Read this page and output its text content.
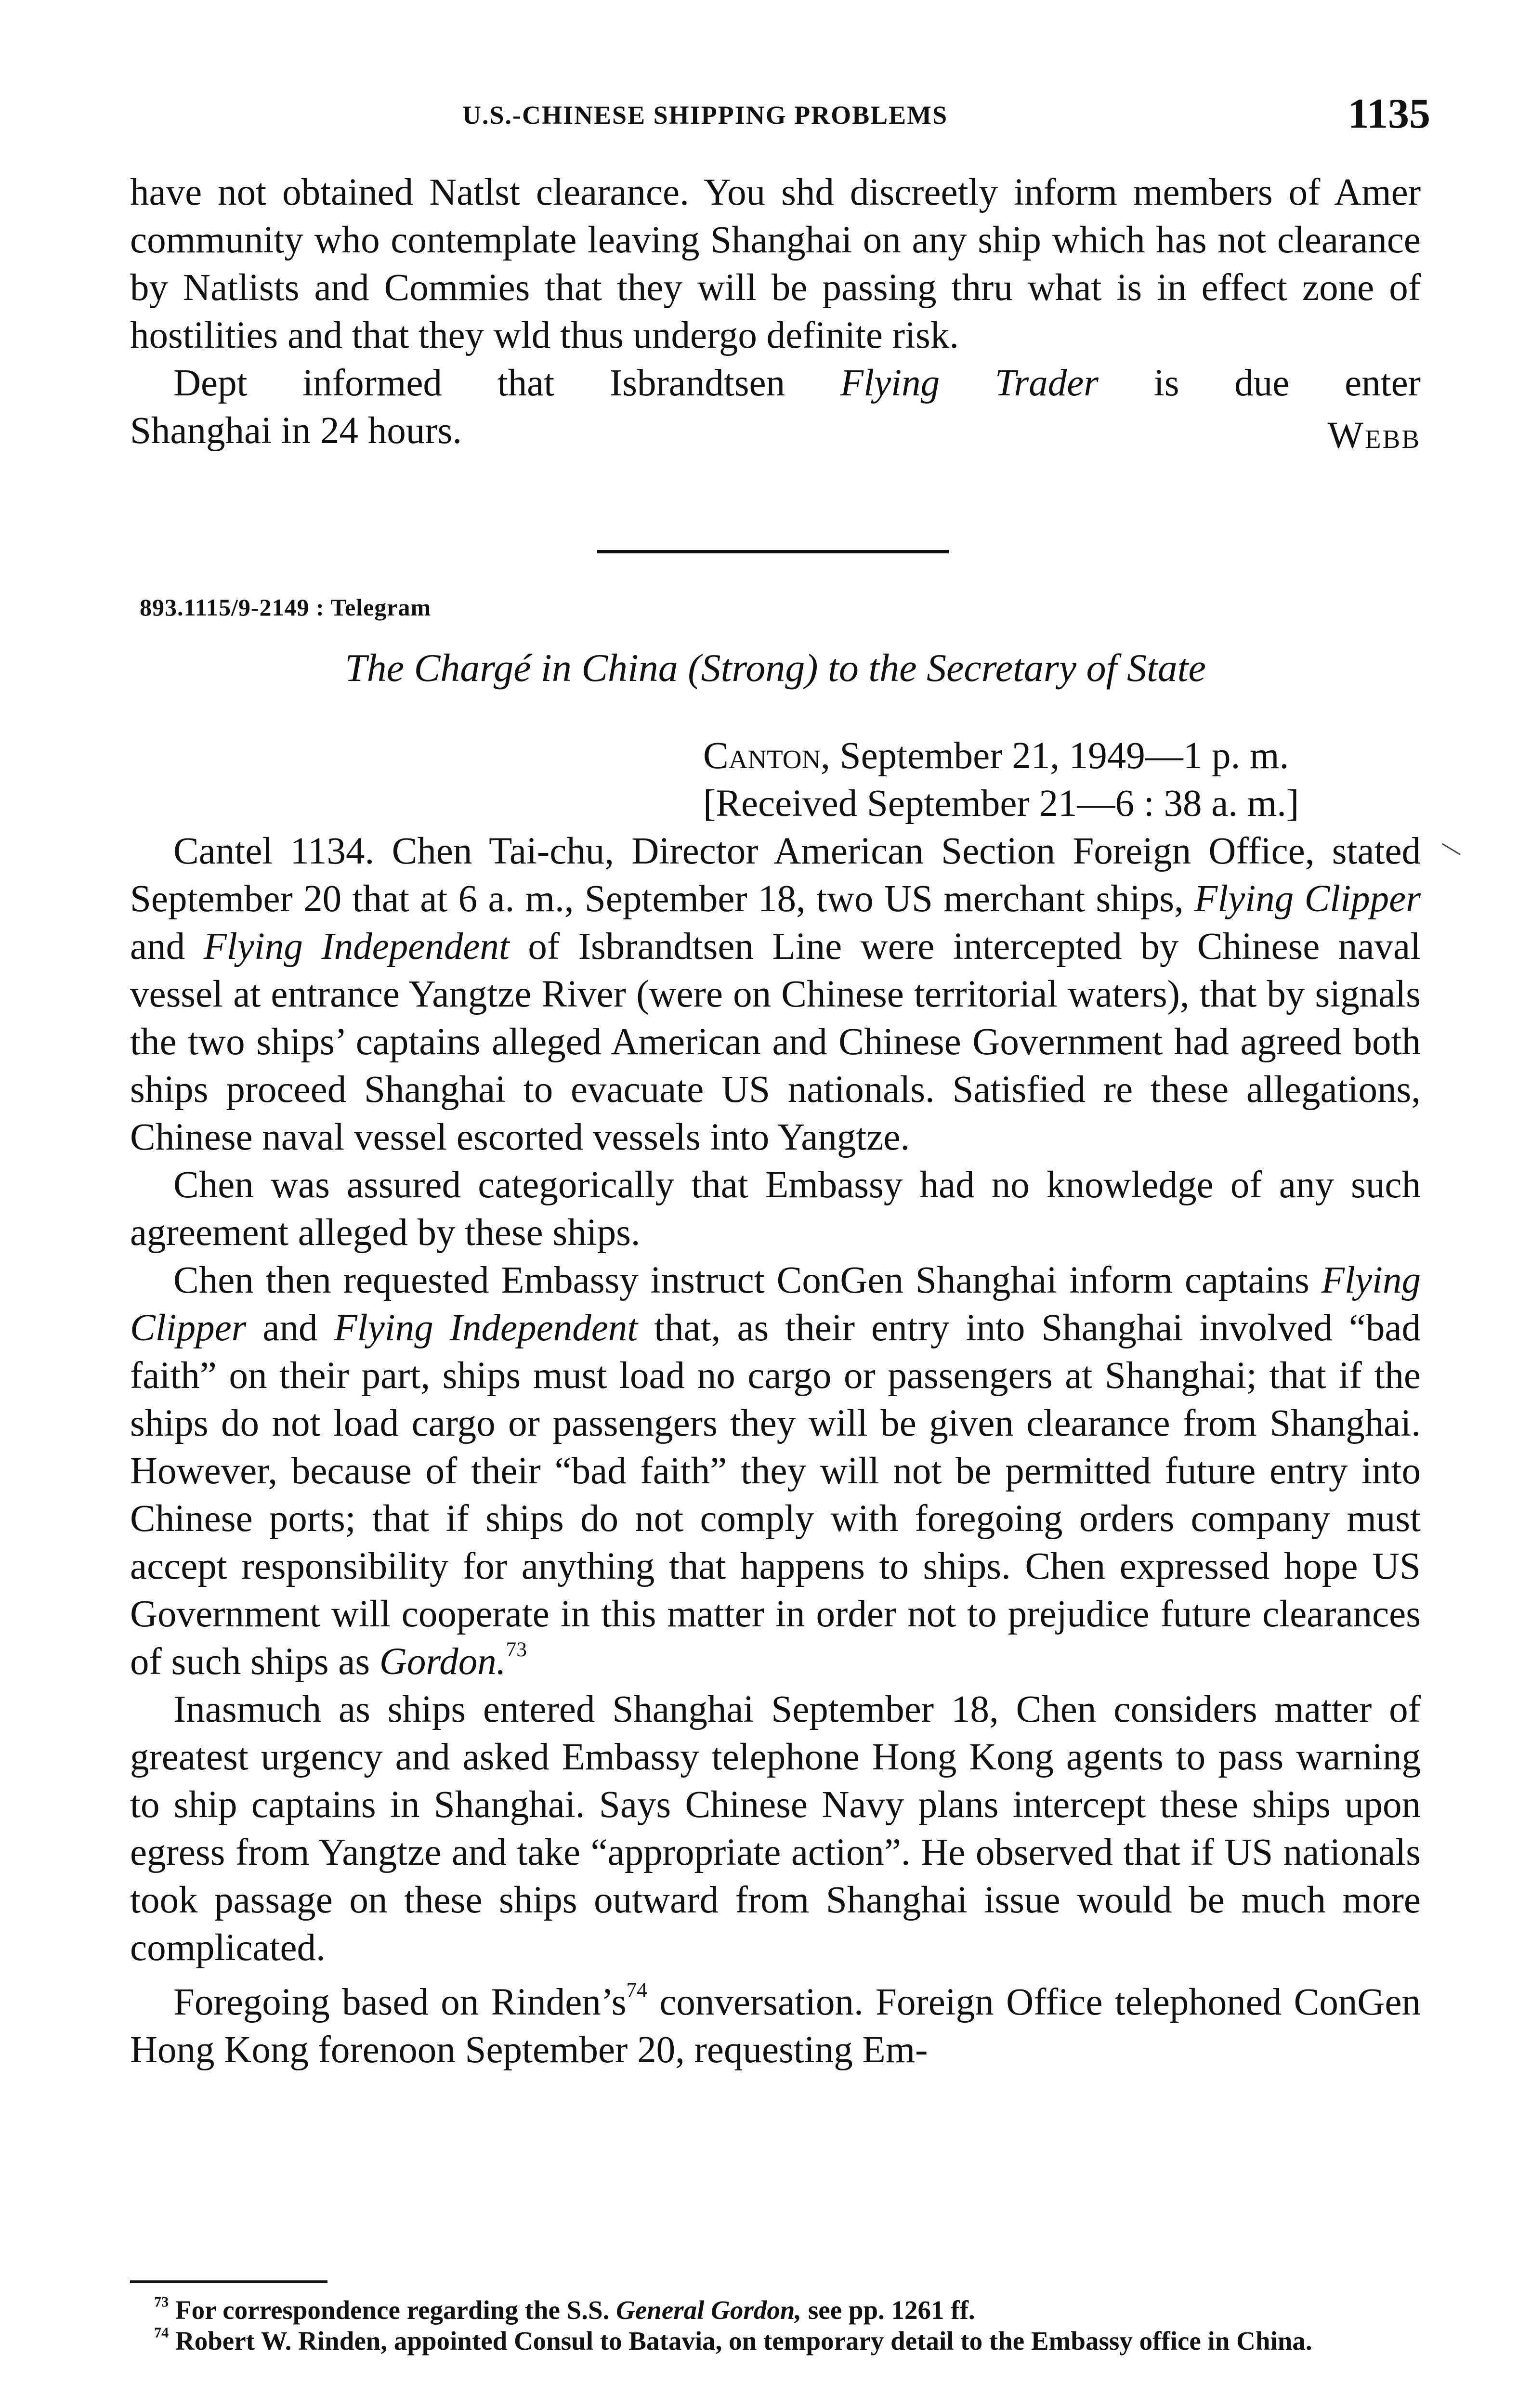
U.S.-CHINESE SHIPPING PROBLEMS	1135

have not obtained Natlst clearance. You shd discreetly inform members of Amer community who contemplate leaving Shanghai on any ship which has not clearance by Natlists and Commies that they will be passing thru what is in effect zone of hostilities and that they wld thus undergo definite risk.

Dept informed that Isbrandtsen Flying Trader is due enter

Shanghai in 24 hours.	Webb
893.1115/9-2149 : Telegram
The Chargé in China (Strong) to the Secretary of State
Canton, September 21, 1949—1 p. m.
[Received September 21—6 : 38 a. m.]
\

Cantel 1134. Chen Tai-chu, Director American Section Foreign Office, stated September 20 that at 6 a. m., September 18, two US merchant ships, Flying Clipper and Flying Independent of Isbrandtsen Line were intercepted by Chinese naval vessel at entrance Yangtze River (were on Chinese territorial waters), that by signals the two ships’ captains alleged American and Chinese Government had agreed both ships proceed Shanghai to evacuate US nationals. Satisfied re these allegations, Chinese naval vessel escorted vessels into Yangtze.

Chen was assured categorically that Embassy had no knowledge of any such agreement alleged by these ships.

Chen then requested Embassy instruct ConGen Shanghai inform captains Flying Clipper and Flying Independent that, as their entry into Shanghai involved “bad faith” on their part, ships must load no cargo or passengers at Shanghai; that if the ships do not load cargo or passengers they will be given clearance from Shanghai. However, because of their “bad faith” they will not be permitted future entry into Chinese ports; that if ships do not comply with foregoing orders company must accept responsibility for anything that happens to ships. Chen expressed hope US Government will cooperate in this matter in order not to prejudice future clearances of such ships as Gordon.$^{73}$

Inasmuch as ships entered Shanghai September 18, Chen considers matter of greatest urgency and asked Embassy telephone Hong Kong agents to pass warning to ship captains in Shanghai. Says Chinese Navy plans intercept these ships upon egress from Yangtze and take “appropriate action”. He observed that if US nationals took passage on these ships outward from Shanghai issue would be much more complicated.

Foregoing based on $Rinden’s^{74}$ conversation. Foreign Office telephoned ConGen Hong Kong forenoon September 20, requesting Em-

$^{73}$ For correspondence regarding the S.S. General Gordon, see pp. 1261 ff.

$^{74}$ Robert W. Rinden, appointed Consul to Batavia, on temporary detail to the Embassy office in China.
